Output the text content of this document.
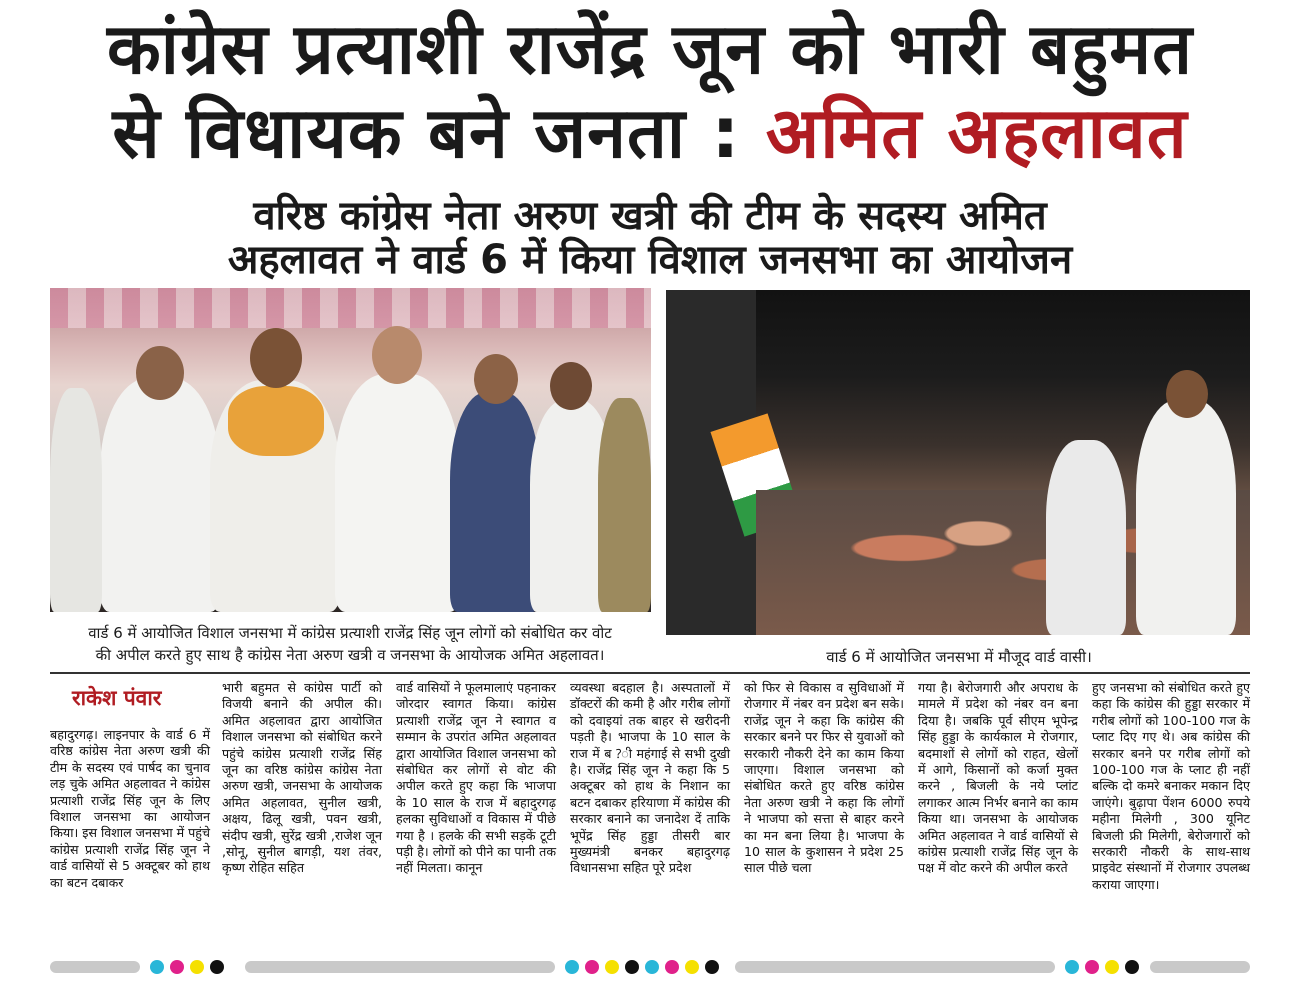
कांग्रेस प्रत्याशी राजेंद्र जून को भारी बहुमत
से विधायक बने जनता : अमित अहलावत
वरिष्ठ कांग्रेस नेता अरुण खत्री की टीम के सदस्य अमित
अहलावत ने वार्ड 6 में किया विशाल जनसभा का आयोजन
वार्ड 6 में आयोजित विशाल जनसभा में कांग्रेस प्रत्याशी राजेंद्र सिंह जून लोगों को संबोधित कर वोट
की अपील करते हुए साथ है कांग्रेस नेता अरुण खत्री व जनसभा के आयोजक अमित अहलावत।	वार्ड 6 में आयोजित जनसभा में मौजूद वार्ड वासी।
राकेश पंवार
बहादुरगढ़। लाइनपार के वार्ड 6 में वरिष्ठ कांग्रेस नेता अरुण खत्री की टीम के सदस्य एवं पार्षद का चुनाव लड़ चुके अमित अहलावत ने कांग्रेस प्रत्याशी राजेंद्र सिंह जून के लिए विशाल जनसभा का आयोजन किया। इस विशाल जनसभा में पहुंचे कांग्रेस प्रत्याशी राजेंद्र सिंह जून ने वार्ड वासियों से 5 अक्टूबर को हाथ का बटन दबाकर
भारी बहुमत से कांग्रेस पार्टी को विजयी बनाने की अपील की। अमित अहलावत द्वारा आयोजित विशाल जनसभा को संबोधित करने पहुंचे कांग्रेस प्रत्याशी राजेंद्र सिंह जून का वरिष्ठ कांग्रेस कांग्रेस नेता अरुण खत्री, जनसभा के आयोजक अमित अहलावत, सुनील खत्री, अक्षय, ढिलू खत्री, पवन खत्री, संदीप खत्री, सुरेंद्र खत्री ,राजेश जून ,सोनू, सुनील बागड़ी, यश तंवर, कृष्ण रोहित सहित
वार्ड वासियों ने फूलमालाएं पहनाकर जोरदार स्वागत किया। कांग्रेस प्रत्याशी राजेंद्र जून ने स्वागत व सम्मान के उपरांत अमित अहलावत द्वारा आयोजित विशाल जनसभा को संबोधित कर लोगों से वोट की अपील करते हुए कहा कि भाजपा के 10 साल के राज में बहादुरगढ़ हलका सुविधाओं व विकास में पीछे गया है । हलके की सभी सड़कें टूटी पड़ी है। लोगों को पीने का पानी तक नहीं मिलता। कानून
व्यवस्था बदहाल है। अस्पतालों में डॉक्टरों की कमी है और गरीब लोगों को दवाइयां तक बाहर से खरीदनी पड़ती है। भाजपा के 10 साल के राज में ब ?ी महंगाई से सभी दुखी है। राजेंद्र सिंह जून ने कहा कि 5 अक्टूबर को हाथ के निशान का बटन दबाकर हरियाणा में कांग्रेस की सरकार बनाने का जनादेश दें ताकि भूपेंद्र सिंह हुड्डा तीसरी बार मुख्यमंत्री बनकर बहादुरगढ़ विधानसभा सहित पूरे प्रदेश
को फिर से विकास व सुविधाओं में रोजगार में नंबर वन प्रदेश बन सके। राजेंद्र जून ने कहा कि कांग्रेस की सरकार बनने पर फिर से युवाओं को सरकारी नौकरी देने का काम किया जाएगा। विशाल जनसभा को संबोधित करते हुए वरिष्ठ कांग्रेस नेता अरुण खत्री ने कहा कि लोगों ने भाजपा को सत्ता से बाहर करने का मन बना लिया है। भाजपा के 10 साल के कुशासन ने प्रदेश 25 साल पीछे चला
गया है। बेरोजगारी और अपराध के मामले में प्रदेश को नंबर वन बना दिया है। जबकि पूर्व सीएम भूपेन्द्र सिंह हुड्डा के कार्यकाल मे रोजगार, बदमाशों से लोगों को राहत, खेलों में आगे, किसानों को कर्जा मुक्त करने , बिजली के नये प्लांट लगाकर आत्म निर्भर बनाने का काम किया था। जनसभा के आयोजक अमित अहलावत ने वार्ड वासियों से कांग्रेस प्रत्याशी राजेंद्र सिंह जून के पक्ष में वोट करने की अपील करते
हुए जनसभा को संबोधित करते हुए कहा कि कांग्रेस की हुड्डा सरकार में गरीब लोगों को 100-100 गज के प्लाट दिए गए थे। अब कांग्रेस की सरकार बनने पर गरीब लोगों को 100-100 गज के प्लाट ही नहीं बल्कि दो कमरे बनाकर मकान दिए जाएंगे। बुढ़ापा पेंशन 6000 रुपये महीना मिलेगी , 300 यूनिट बिजली फ्री मिलेगी, बेरोजगारों को सरकारी नौकरी के साथ-साथ प्राइवेट संस्थानों में रोजगार उपलब्ध कराया जाएगा।
